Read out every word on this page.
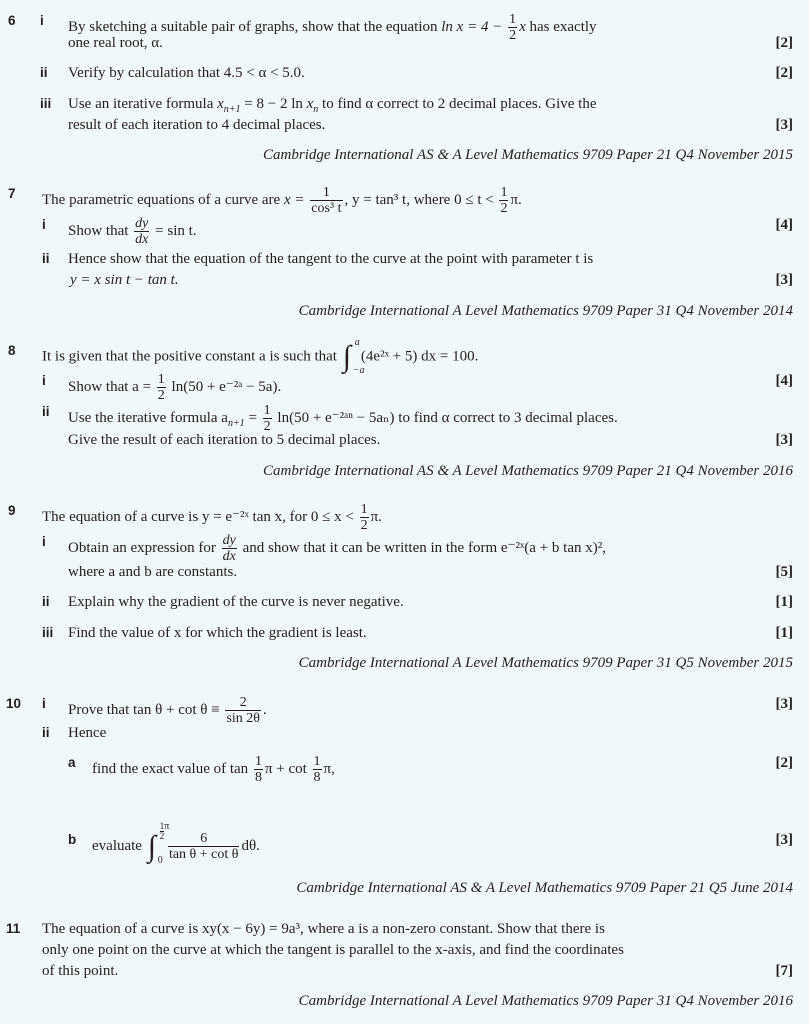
6 i By sketching a suitable pair of graphs, show that the equation $\ln x = 4 - \frac{1}{2}$ x has exactly
one real root, α.	[2]
ii Verify by calculation that 4.5 < α < 5.0.	[2]
iii Use an iterative formula $x_{n+1} = 8 - 2$ $\ln x_n$ to find α correct to 2 decimal places. Give the
result of each iteration to 4 decimal places.	[3]
Cambridge International AS & A Level Mathematics 9709 Paper 21 Q4 November 2015
7 The parametric equations of a curve are $x = \frac{1}{\text{cos³ t}}$ , y = tan³ t, where $0 \le t < \frac{1}{2} \pi$.
i Show that $\frac{dy}{dx} = \sin t$.	[4]
ii Hence show that the equation of the tangent to the curve at the point with parameter t is
y = x sin t − tan t.	[3]
Cambridge International A Level Mathematics 9709 Paper 31 Q4 November 2014
8 It is given that the positive constant a is such that ∫ a
−a
(4e²ˣ + 5) dx = 100.
i Show that $a = \frac{1}{2} \ln(50$ + e⁻²ᵃ − 5a).	[4]
ii Use the iterative formula $a_{n+1} = \frac{1}{2} \ln(50$ + e⁻²ᵃⁿ − 5aₙ) to find α correct to 3 decimal places.
Give the result of each iteration to 5 decimal places.	[3]
Cambridge International AS & A Level Mathematics 9709 Paper 21 Q4 November 2016
9 The equation of a curve is y = e⁻²ˣ tan x, for $0 \le x < \frac{1}{2} \pi$.
i Obtain an expression for $\frac{dy}{dx}$ and show that it can be written in the form e⁻²ˣ(a + b tan x)²,
where a and b are constants.	[5]
ii Explain why the gradient of the curve is never negative.	[1]
iii Find the value of x for which the gradient is least.	[1]
Cambridge International A Level Mathematics 9709 Paper 31 Q5 November 2015
10 i Prove that $\tan \theta + \cot \theta \equiv \frac{2}{\sin 2\theta}$ .	[3]
ii Hence
a find the exact value of $\tan \frac{1}{8}$ $\pi + \cot \frac{1}{8} \pi$,	[2]
b evaluate ∫ $\frac{1}{2}$ π
$0 \frac{6}{\text{tan θ + cot θ}} d\theta$.	[3]
Cambridge International AS & A Level Mathematics 9709 Paper 21 Q5 June 2014
11 The equation of a curve is xy(x − 6y) = 9a³, where a is a non-zero constant. Show that there is
only one point on the curve at which the tangent is parallel to the x-axis, and find the coordinates
of this point.	[7]
Cambridge International A Level Mathematics 9709 Paper 31 Q4 November 2016
